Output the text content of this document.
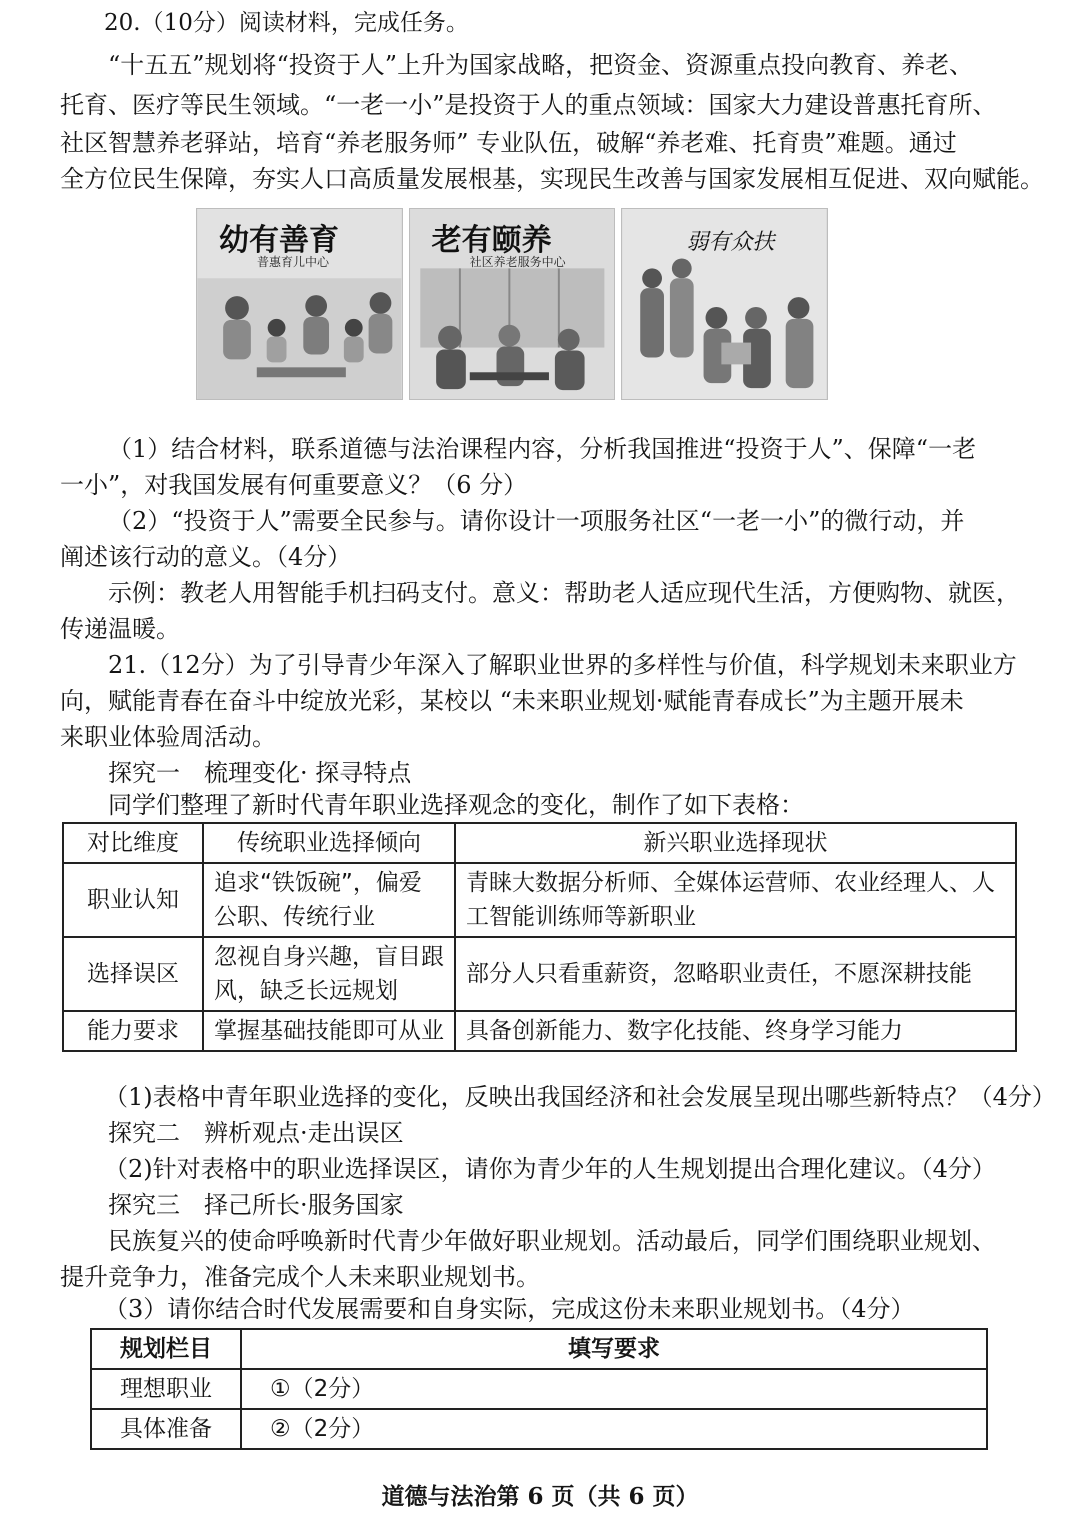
20.（10分）阅读材料，完成任务。
“十五五”规划将“投资于人”上升为国家战略，把资金、资源重点投向教育、养老、
托育、医疗等民生领域。“一老一小”是投资于人的重点领域：国家大力建设普惠托育所、
社区智慧养老驿站，培育“养老服务师” 专业队伍，破解“养老难、托育贵”难题。通过
全方位民生保障，夯实人口高质量发展根基，实现民生改善与国家发展相互促进、双向赋能。
幼有善育
普惠育儿中心
老有颐养
社区养老服务中心
弱有众扶
（1）结合材料，联系道德与法治课程内容，分析我国推进“投资于人”、保障“一老
一小”，对我国发展有何重要意义？（6 分）
（2）“投资于人”需要全民参与。请你设计一项服务社区“一老一小”的微行动，并
阐述该行动的意义。（4分）
示例：教老人用智能手机扫码支付。意义：帮助老人适应现代生活，方便购物、就医，
传递温暖。
21.（12分）为了引导青少年深入了解职业世界的多样性与价值，科学规划未来职业方
向，赋能青春在奋斗中绽放光彩，某校以 “未来职业规划·赋能青春成长”为主题开展未
来职业体验周活动。
探究一　梳理变化· 探寻特点
同学们整理了新时代青年职业选择观念的变化，制作了如下表格：
对比维度	传统职业选择倾向	新兴职业选择现状
职业认知	追求“铁饭碗”，偏爱公职、传统行业	青睐大数据分析师、全媒体运营师、农业经理人、人工智能训练师等新职业
选择误区	忽视自身兴趣，盲目跟风，缺乏长远规划	部分人只看重薪资，忽略职业责任，不愿深耕技能
能力要求	掌握基础技能即可从业	具备创新能力、数字化技能、终身学习能力
（1)表格中青年职业选择的变化，反映出我国经济和社会发展呈现出哪些新特点？（4分）
探究二　辨析观点·走出误区
（2)针对表格中的职业选择误区，请你为青少年的人生规划提出合理化建议。（4分）
探究三　择己所长·服务国家
民族复兴的使命呼唤新时代青少年做好职业规划。活动最后，同学们围绕职业规划、
提升竞争力，准备完成个人未来职业规划书。
（3）请你结合时代发展需要和自身实际，完成这份未来职业规划书。（4分）
规划栏目	填写要求
理想职业	①（2分）
具体准备	②（2分）
道德与法治第 6 页（共 6 页）
